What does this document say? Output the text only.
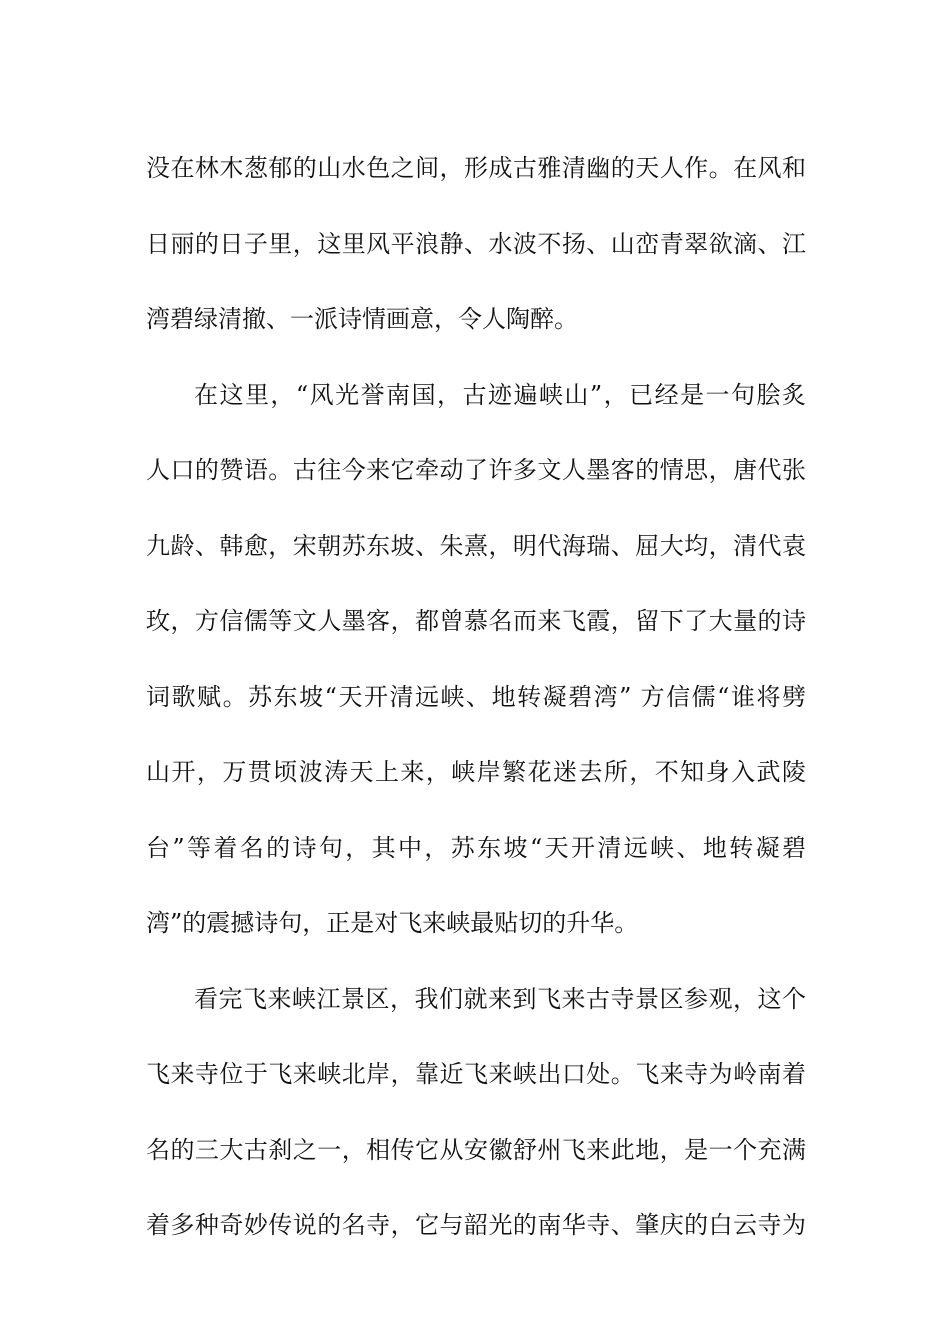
没在林木葱郁的山水色之间，形成古雅清幽的天人作。在风和
日丽的日子里，这里风平浪静、水波不扬、山峦青翠欲滴、江
湾碧绿清撤、一派诗情画意，令人陶醉。
在这里，“风光誉南国，古迹遍峡山”，已经是一句脍炙
人口的赞语。古往今来它牵动了许多文人墨客的情思，唐代张
九龄、韩愈，宋朝苏东坡、朱熹，明代海瑞、屈大均，清代袁
玫，方信儒等文人墨客，都曾慕名而来飞霞，留下了大量的诗
词歌赋。苏东坡“天开清远峡、地转凝碧湾” 方信儒“谁将劈
山开，万贯顷波涛天上来，峡岸繁花迷去所，不知身入武陵
台”等着名的诗句，其中，苏东坡“天开清远峡、地转凝碧
湾”的震撼诗句，正是对飞来峡最贴切的升华。
看完飞来峡江景区，我们就来到飞来古寺景区参观，这个
飞来寺位于飞来峡北岸，靠近飞来峡出口处。飞来寺为岭南着
名的三大古刹之一，相传它从安徽舒州飞来此地，是一个充满
着多种奇妙传说的名寺，它与韶光的南华寺、肇庆的白云寺为
